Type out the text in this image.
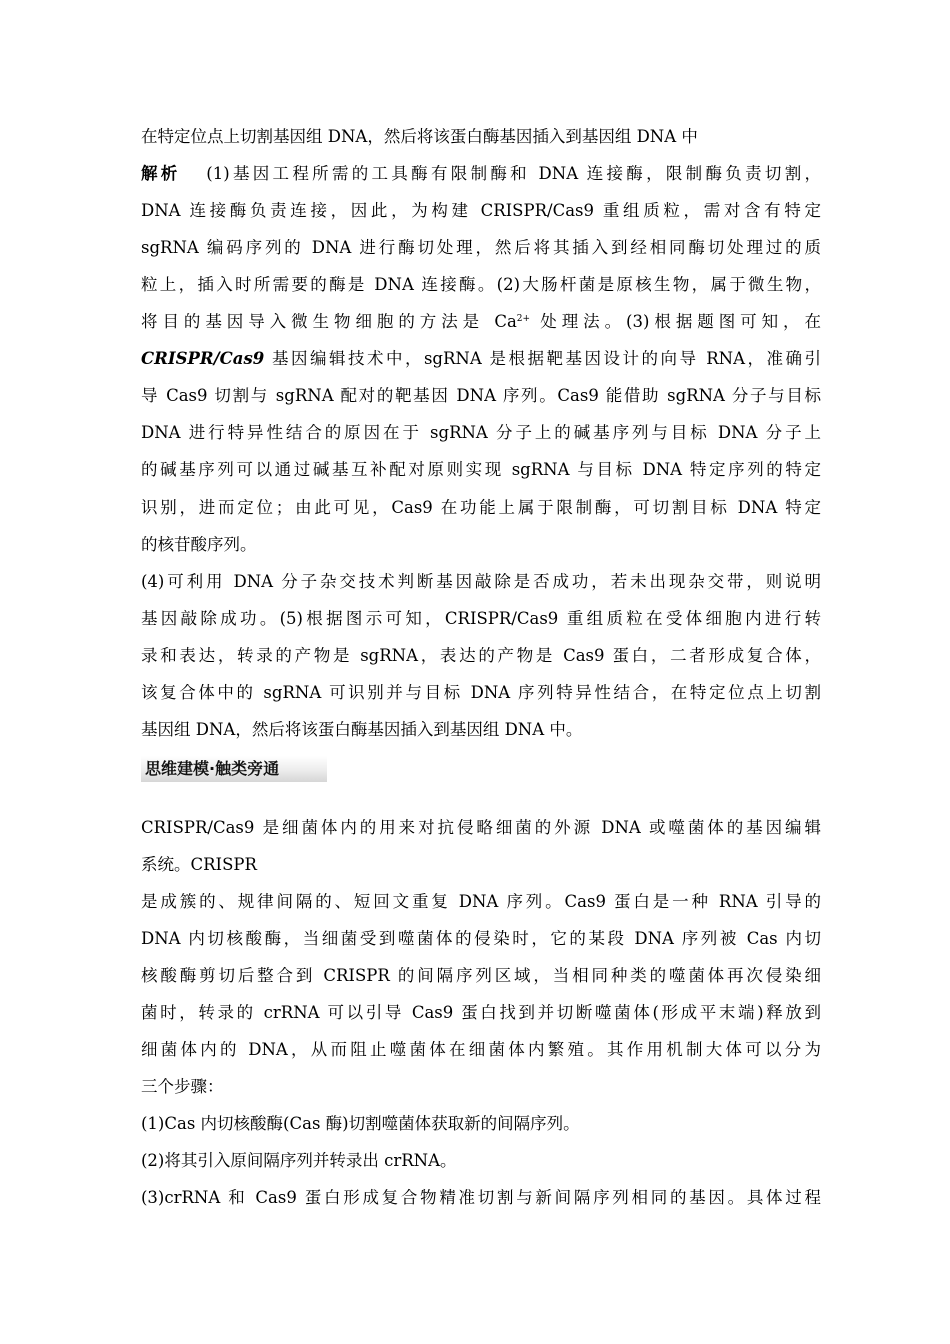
在特定位点上切割基因组 DNA，然后将该蛋白酶基因插入到基因组 DNA 中
解析 (1)基因工程所需的工具酶有限制酶和 DNA 连接酶，限制酶负责切割，
DNA 连接酶负责连接，因此，为构建 CRISPR/Cas9 重组质粒，需对含有特定
sgRNA 编码序列的 DNA 进行酶切处理，然后将其插入到经相同酶切处理过的质
粒上，插入时所需要的酶是 DNA 连接酶。(2)大肠杆菌是原核生物，属于微生物，
将目的基因导入微生物细胞的方法是 $Ca^{2+}$ 处理法。(3)根据题图可知，在
CRISPR/Cas9 基因编辑技术中，sgRNA 是根据靶基因设计的向导 RNA，准确引
导 Cas9 切割与 sgRNA 配对的靶基因 DNA 序列。Cas9 能借助 sgRNA 分子与目标
DNA 进行特异性结合的原因在于 sgRNA 分子上的碱基序列与目标 DNA 分子上
的碱基序列可以通过碱基互补配对原则实现 sgRNA 与目标 DNA 特定序列的特定
识别，进而定位；由此可见，Cas9 在功能上属于限制酶，可切割目标 DNA 特定
的核苷酸序列。
(4)可利用 DNA 分子杂交技术判断基因敲除是否成功，若未出现杂交带，则说明
基因敲除成功。(5)根据图示可知，CRISPR/Cas9 重组质粒在受体细胞内进行转
录和表达，转录的产物是 sgRNA，表达的产物是 Cas9 蛋白，二者形成复合体，
该复合体中的 sgRNA 可识别并与目标 DNA 序列特异性结合，在特定位点上切割
基因组 DNA，然后将该蛋白酶基因插入到基因组 DNA 中。
思维建模·触类旁通
CRISPR/Cas9 是细菌体内的用来对抗侵略细菌的外源 DNA 或噬菌体的基因编辑
系统。CRISPR
是成簇的、规律间隔的、短回文重复 DNA 序列。Cas9 蛋白是一种 RNA 引导的
DNA 内切核酸酶，当细菌受到噬菌体的侵染时，它的某段 DNA 序列被 Cas 内切
核酸酶剪切后整合到 CRISPR 的间隔序列区域，当相同种类的噬菌体再次侵染细
菌时，转录的 crRNA 可以引导 Cas9 蛋白找到并切断噬菌体(形成平末端)释放到
细菌体内的 DNA，从而阻止噬菌体在细菌体内繁殖。其作用机制大体可以分为
三个步骤：
(1)Cas 内切核酸酶(Cas 酶)切割噬菌体获取新的间隔序列。
(2)将其引入原间隔序列并转录出 crRNA。
(3)crRNA 和 Cas9 蛋白形成复合物精准切割与新间隔序列相同的基因。具体过程
